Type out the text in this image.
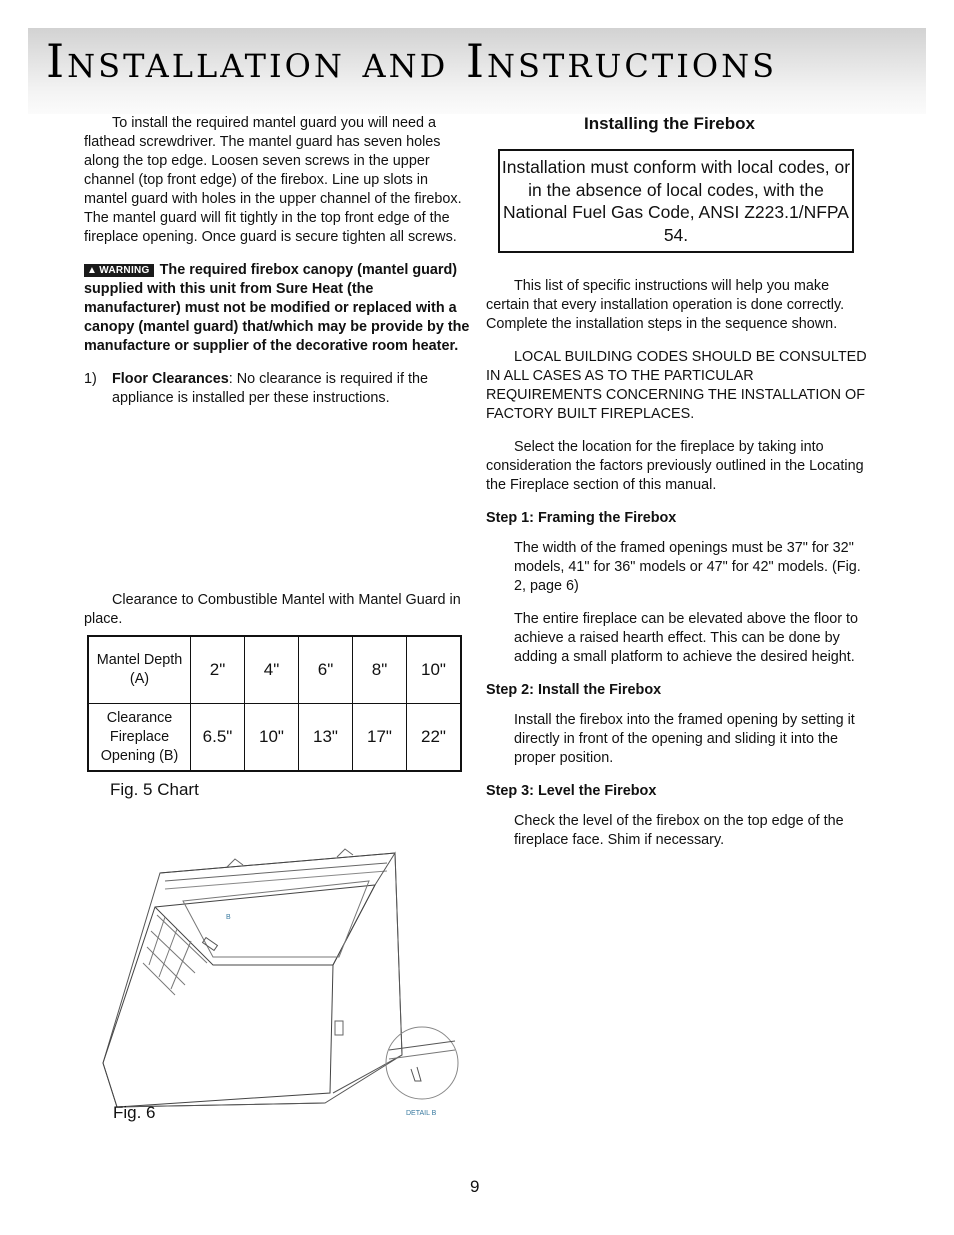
Installation and Instructions

To install the required mantel guard you will need a flathead screwdriver. The mantel guard has seven holes along the top edge. Loosen seven screws in the upper channel (top front edge) of the firebox. Line up slots in mantel guard with holes in the upper channel of the firebox. The mantel guard will fit tightly in the top front edge of the fireplace opening. Once guard is secure tighten all screws.

▲ WARNING The required firebox canopy (mantel guard) supplied with this unit from Sure Heat (the manufacturer) must not be modified or replaced with a canopy (mantel guard) that/which may be provide by the manufacture or supplier of the decorative room heater.

1) Floor Clearances: No clearance is required if the appliance is installed per these instructions.

Clearance to Combustible Mantel with Mantel Guard in place.

Mantel Depth (A)	2"	4"	6"	8"	10"
Clearance Fireplace Opening (B)	6.5"	10"	13"	17"	22"
Fig. 5 Chart
B
DETAIL B
Fig. 6
Installing the Firebox
Installation must conform with local codes, or in the absence of local codes, with the National Fuel Gas Code, ANSI Z223.1/NFPA 54.

This list of specific instructions will help you make certain that every installation operation is done correctly. Complete the installation steps in the sequence shown.

LOCAL BUILDING CODES SHOULD BE CONSULTED IN ALL CASES AS TO THE PARTICULAR REQUIREMENTS CONCERNING THE INSTALLATION OF FACTORY BUILT FIREPLACES.

Select the location for the fireplace by taking into consideration the factors previously outlined in the Locating the Fireplace section of this manual.

Step 1: Framing the Firebox

The width of the framed openings must be 37" for 32" models, 41" for 36" models or 47" for 42" models. (Fig. 2, page 6)

The entire fireplace can be elevated above the floor to achieve a raised hearth effect. This can be done by adding a small platform to achieve the desired height.

Step 2: Install the Firebox

Install the firebox into the framed opening by setting it directly in front of the opening and sliding it into the proper position.

Step 3: Level the Firebox

Check the level of the firebox on the top edge of the fireplace face. Shim if necessary.

9
